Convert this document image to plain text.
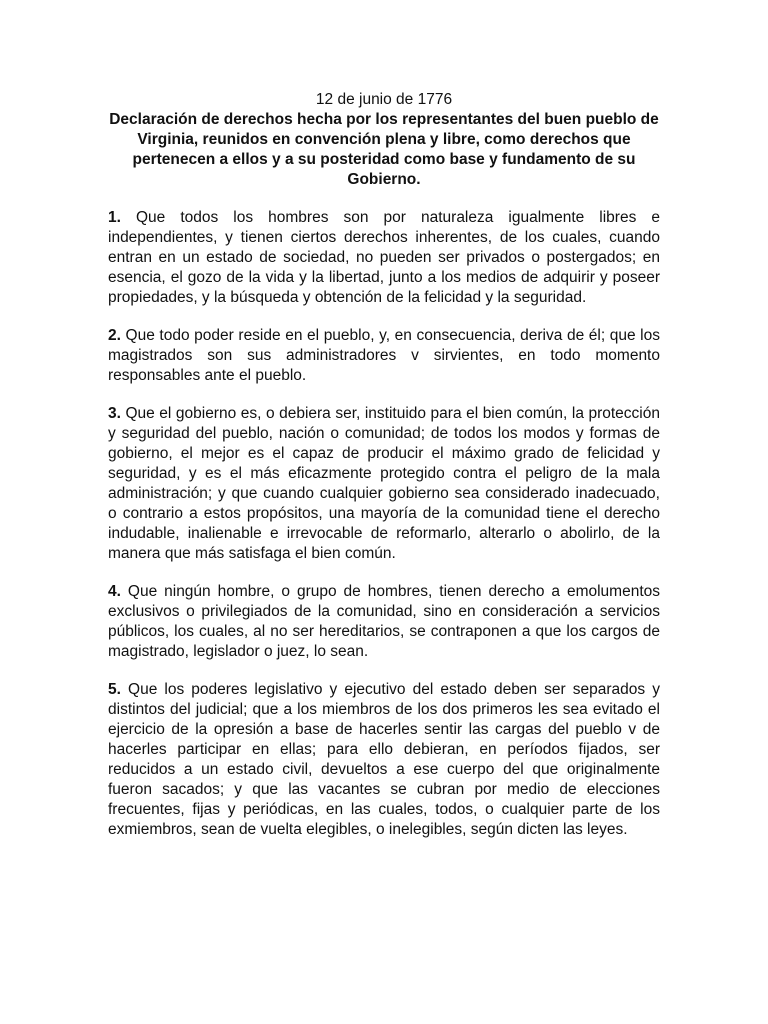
12 de junio de 1776

Declaración de derechos hecha por los representantes del buen pueblo de Virginia, reunidos en convención plena y libre, como derechos que pertenecen a ellos y a su posteridad como base y fundamento de su Gobierno.

1. Que todos los hombres son por naturaleza igualmente libres e independientes, y tienen ciertos derechos inherentes, de los cuales, cuando entran en un estado de sociedad, no pueden ser privados o postergados; en esencia, el gozo de la vida y la libertad, junto a los medios de adquirir y poseer propiedades, y la búsqueda y obtención de la felicidad y la seguridad.

2. Que todo poder reside en el pueblo, y, en consecuencia, deriva de él; que los magistrados son sus administradores v sirvientes, en todo momento responsables ante el pueblo.

3. Que el gobierno es, o debiera ser, instituido para el bien común, la protección y seguridad del pueblo, nación o comunidad; de todos los modos y formas de gobierno, el mejor es el capaz de producir el máximo grado de felicidad y seguridad, y es el más eficazmente protegido contra el peligro de la mala administración; y que cuando cualquier gobierno sea considerado inadecuado, o contrario a estos propósitos, una mayoría de la comunidad tiene el derecho indudable, inalienable e irrevocable de reformarlo, alterarlo o abolirlo, de la manera que más satisfaga el bien común.

4. Que ningún hombre, o grupo de hombres, tienen derecho a emolumentos exclusivos o privilegiados de la comunidad, sino en consideración a servicios públicos, los cuales, al no ser hereditarios, se contraponen a que los cargos de magistrado, legislador o juez, lo sean.

5. Que los poderes legislativo y ejecutivo del estado deben ser separados y distintos del judicial; que a los miembros de los dos primeros les sea evitado el ejercicio de la opresión a base de hacerles sentir las cargas del pueblo v de hacerles participar en ellas; para ello debieran, en períodos fijados, ser reducidos a un estado civil, devueltos a ese cuerpo del que originalmente fueron sacados; y que las vacantes se cubran por medio de elecciones frecuentes, fijas y periódicas, en las cuales, todos, o cualquier parte de los exmiembros, sean de vuelta elegibles, o inelegibles, según dicten las leyes.
